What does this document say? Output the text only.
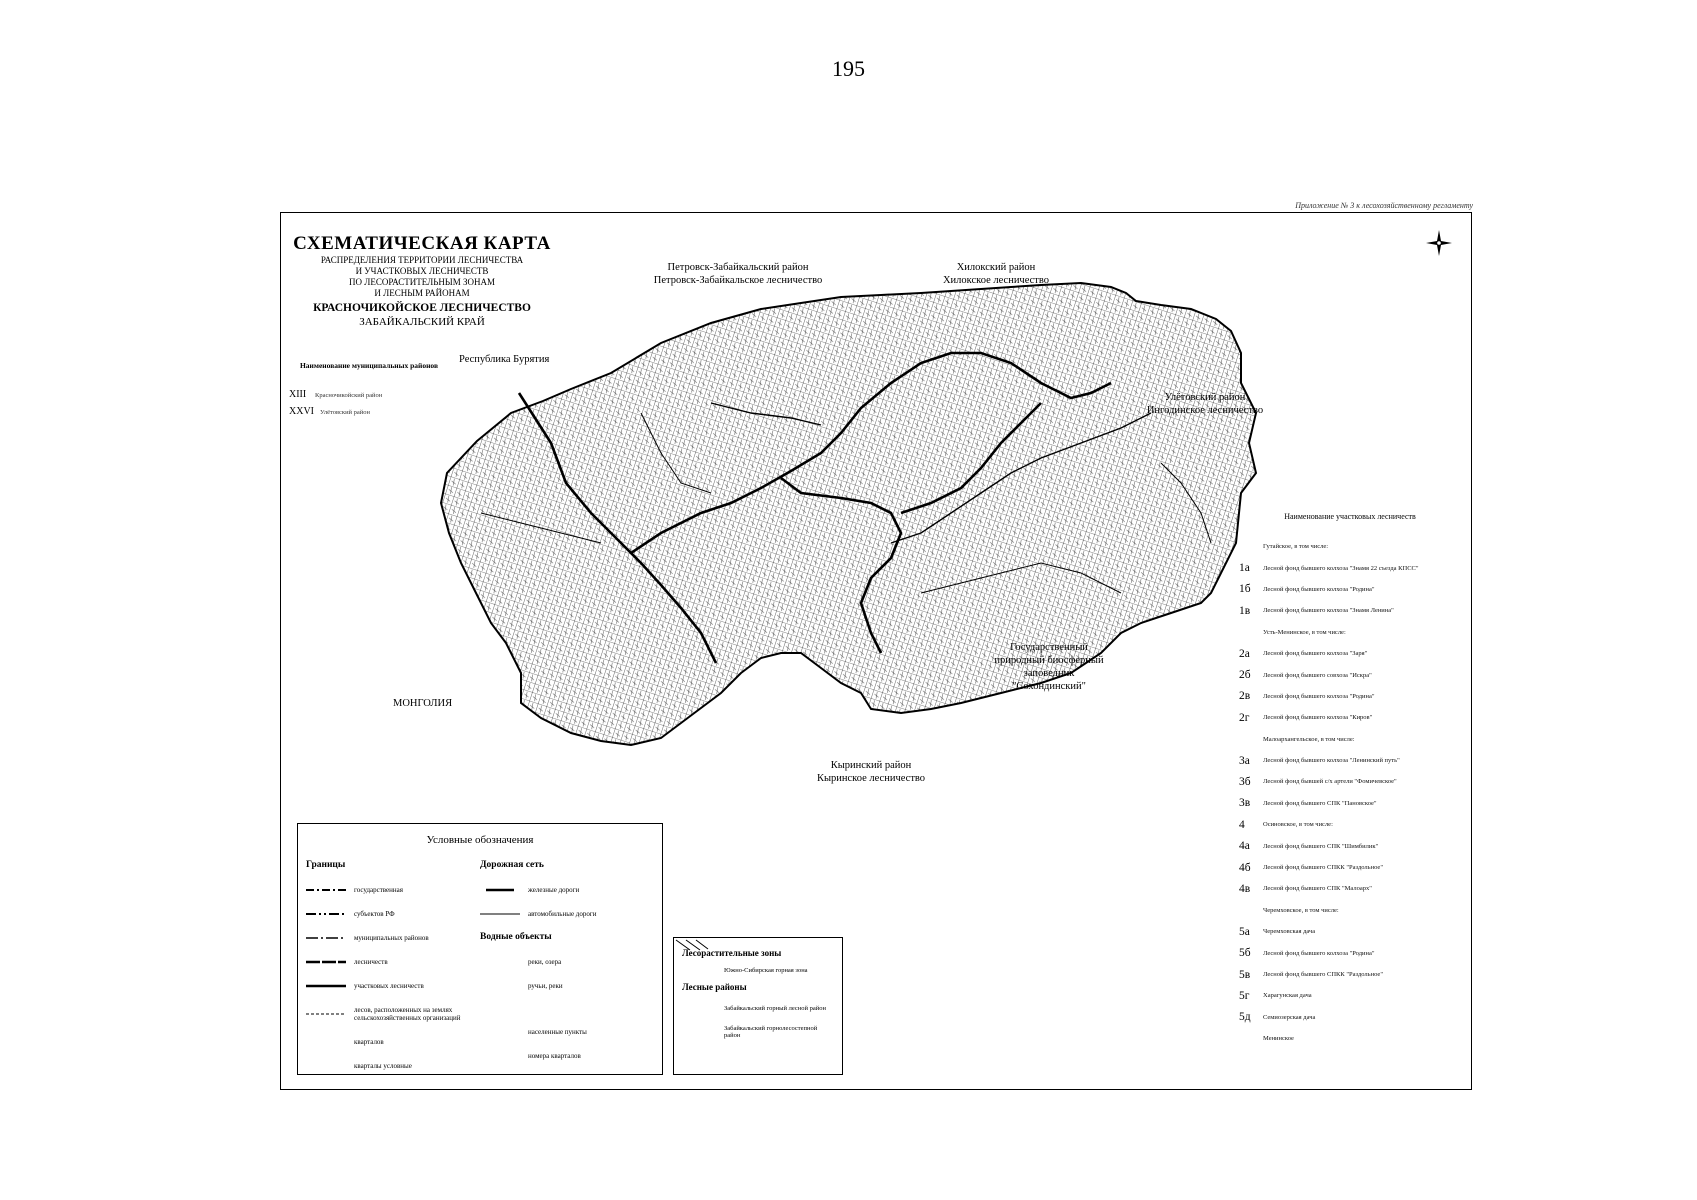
195
Приложение № 3 к лесохозяйственному регламенту
СХЕМАТИЧЕСКАЯ КАРТА
РАСПРЕДЕЛЕНИЯ ТЕРРИТОРИИ ЛЕСНИЧЕСТВА
И УЧАСТКОВЫХ ЛЕСНИЧЕСТВ
ПО ЛЕСОРАСТИТЕЛЬНЫМ ЗОНАМ
И ЛЕСНЫМ РАЙОНАМ
КРАСНОЧИКОЙСКОЕ ЛЕСНИЧЕСТВО
ЗАБАЙКАЛЬСКИЙ КРАЙ
Наименование муниципальных районов
XIII	Красночикойский район
XXVI Улётовский район
Республика Бурятия
Петровск-Забайкальский район
Петровск-Забайкальское лесничество
Хилокский район
Хилокское лесничество
Улётовский район
Ингодинское лесничество
МОНГОЛИЯ
Кыринский район
Кыринское лесничество
Государственный природный биосферный заповедник "Сохондинский"
Условные обозначения
Границы
государственная
субъектов РФ
муниципальных районов
лесничеств
участковых лесничеств
лесов, расположенных на землях сельскохозяйственных организаций
кварталов
кварталы условные
Дорожная сеть
железные дороги
автомобильные дороги
Водные объекты
реки, озера
ручьи, реки
населенные пункты
номера кварталов
Лесорастительные зоны
Южно-Сибирская горная зона
Лесные районы
Забайкальский горный лесной район
Забайкальский горнолесостепной район
Наименование участковых лесничеств
Гутайское, в том числе:
1а	Лесной фонд бывшего колхоза "Знамя 22 съезда КПСС"
1б	Лесной фонд бывшего колхоза "Родина"
1в	Лесной фонд бывшего колхоза "Знамя Ленина"
Усть-Менинское, в том числе:
2а	Лесной фонд бывшего колхоза "Заря"
2б	Лесной фонд бывшего совхоза "Искра"
2в	Лесной фонд бывшего колхоза "Родина"
2г	Лесной фонд бывшего колхоза "Киров"
Малоархангельское, в том числе:
3а	Лесной фонд бывшего колхоза "Ленинский путь"
3б	Лесной фонд бывшей с/х артели "Фомичевское"
3в	Лесной фонд бывшего СПК "Пановское"
4	Осиновское, в том числе:
4а	Лесной фонд бывшего СПК "Шимбилик"
4б	Лесной фонд бывшего СПКК "Раздольное"
4в	Лесной фонд бывшего СПК "Малоарх"
Черемховское, в том числе:
5а	Черемховская дача
5б	Лесной фонд бывшего колхоза "Родина"
5в	Лесной фонд бывшего СПКК "Раздольное"
5г	Харагунская дача
5д	Семиозерская дача
Менинское
